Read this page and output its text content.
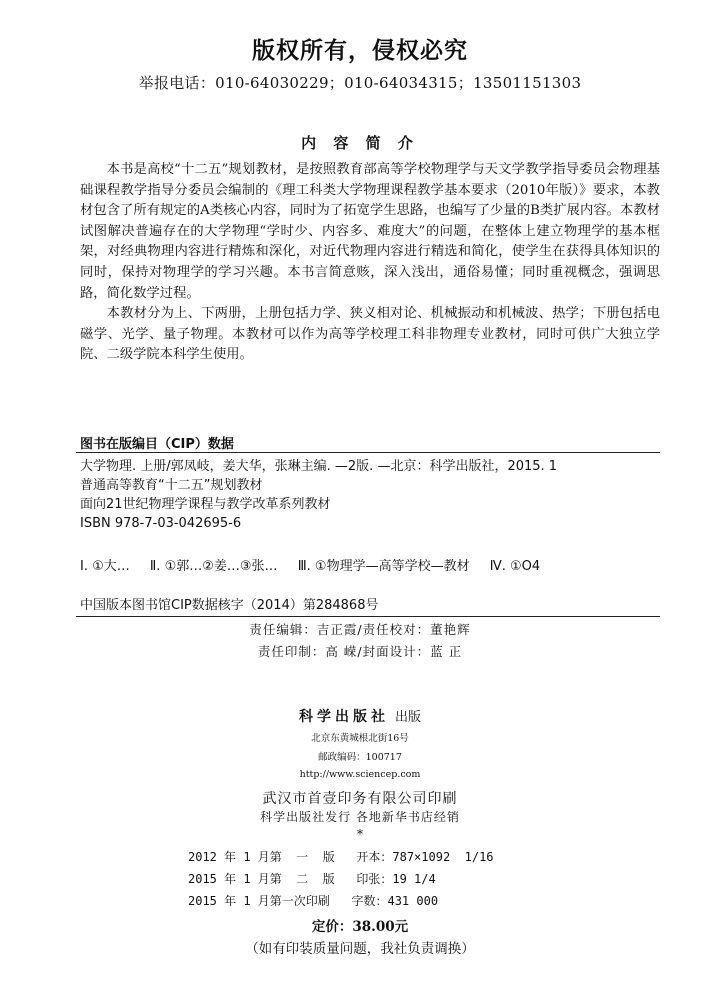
版权所有，侵权必究
举报电话：010-64030229；010-64034315；13501151303
内 容 简 介

本书是高校“十二五”规划教材，是按照教育部高等学校物理学与天文学教学指导委员会物理基础课程教学指导分委员会编制的《理工科类大学物理课程教学基本要求（2010年版）》要求，本教材包含了所有规定的A类核心内容，同时为了拓宽学生思路，也编写了少量的B类扩展内容。本教材试图解决普遍存在的大学物理“学时少、内容多、难度大”的问题，在整体上建立物理学的基本框架，对经典物理内容进行精炼和深化，对近代物理内容进行精选和简化，使学生在获得具体知识的同时，保持对物理学的学习兴趣。本书言简意赅，深入浅出，通俗易懂；同时重视概念，强调思路，简化数学过程。

本教材分为上、下两册，上册包括力学、狭义相对论、机械振动和机械波、热学；下册包括电磁学、光学、量子物理。本教材可以作为高等学校理工科非物理专业教材，同时可供广大独立学院、二级学院本科学生使用。

图书在版编目（CIP）数据
大学物理. 上册/郭凤岐，姜大华，张琳主编. —2版. —北京：科学出版社，2015. 1
普通高等教育“十二五”规划教材
面向21世纪物理学课程与教学改革系列教材
ISBN 978-7-03-042695-6
Ⅰ. ①大… Ⅱ. ①郭…②姜…③张… Ⅲ. ①物理学—高等学校—教材 Ⅳ. ①O4
中国版本图书馆CIP数据核字（2014）第284868号
责任编辑：吉正霞/责任校对：董艳辉
责任印制：高 嵘/封面设计：蓝 正
科学出版社 出版
北京东黄城根北街16号
邮政编码：100717
http://www.sciencep.com
武汉市首壹印务有限公司印刷
科学出版社发行 各地新华书店经销
*
2012 年 1 月第  一  版   开本：787×1092  1/16
2015 年 1 月第  二  版   印张：19 1/4
2015 年 1 月第一次印刷   字数：431 000
定价：38.00元
（如有印装质量问题，我社负责调换）
